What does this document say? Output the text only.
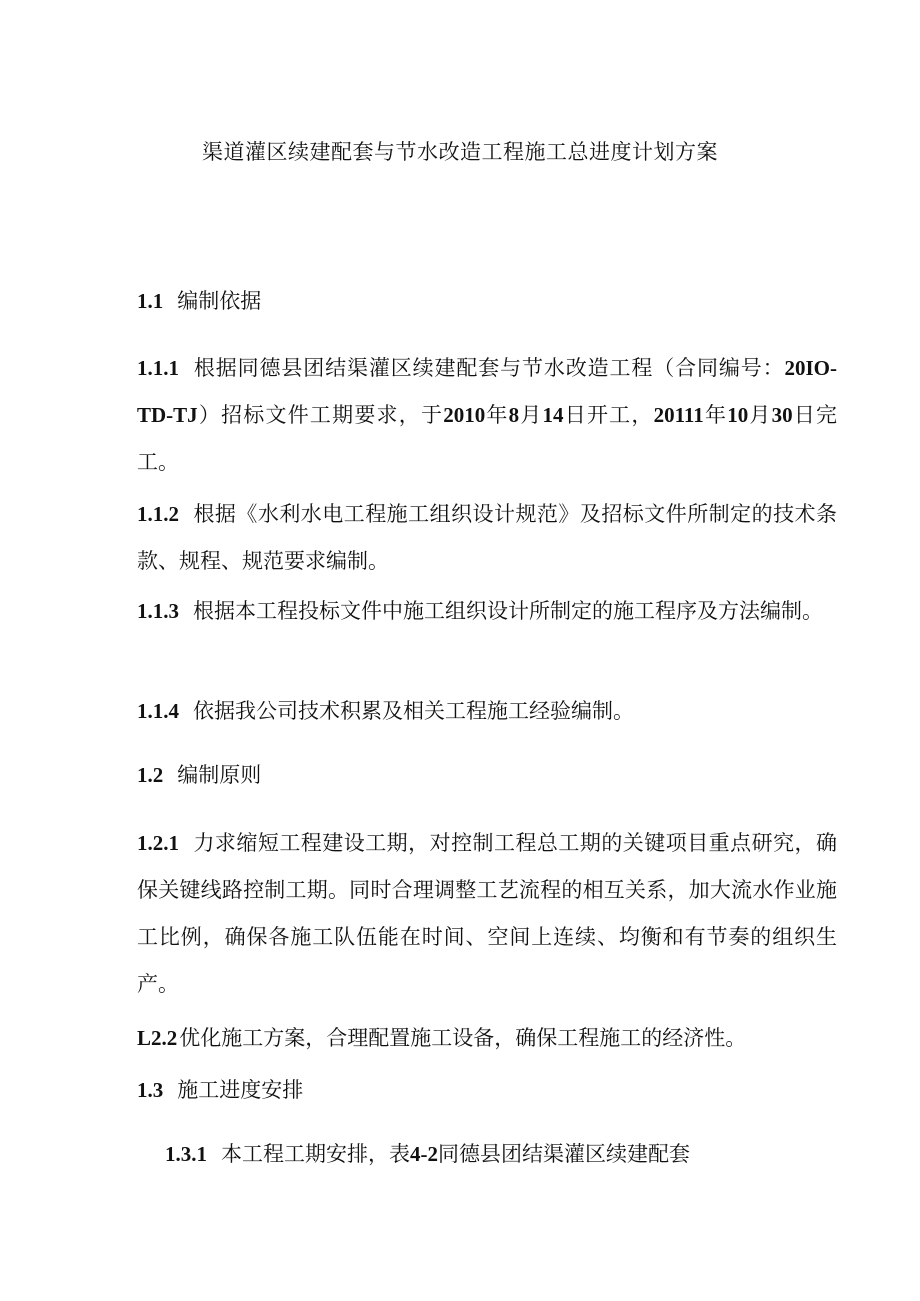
渠道灌区续建配套与节水改造工程施工总进度计划方案
1.1 编制依据
1.1.1 根据同德县团结渠灌区续建配套与节水改造工程（合同编号：20IO-TD-TJ）招标文件工期要求，于2010年8月14日开工，20111年10月30日完工。
1.1.2 根据《水利水电工程施工组织设计规范》及招标文件所制定的技术条款、规程、规范要求编制。
1.1.3 根据本工程投标文件中施工组织设计所制定的施工程序及方法编制。
1.1.4 依据我公司技术积累及相关工程施工经验编制。
1.2 编制原则
1.2.1 力求缩短工程建设工期，对控制工程总工期的关键项目重点研究，确保关键线路控制工期。同时合理调整工艺流程的相互关系，加大流水作业施工比例，确保各施工队伍能在时间、空间上连续、均衡和有节奏的组织生产。
L2.2优化施工方案，合理配置施工设备，确保工程施工的经济性。
1.3 施工进度安排
1.3.1 本工程工期安排，表4-2同德县团结渠灌区续建配套
